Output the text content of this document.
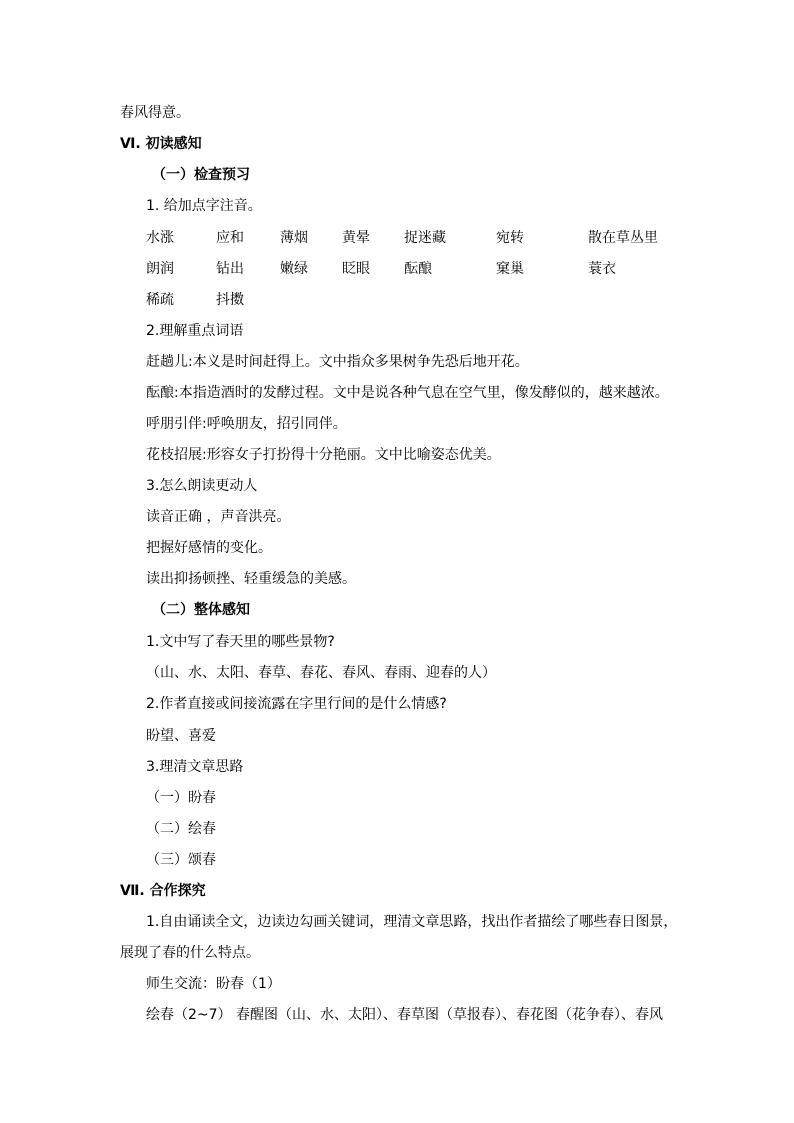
春风得意。
Ⅵ. 初读感知
（一）检查预习
1. 给加点字注音。
水涨	应和	薄烟 黄晕 捉迷藏	宛转	散在草丛里
朗润	钻出	嫩绿 眨眼 酝酿	窠巢	蓑衣
稀疏	抖擞
2.理解重点词语
赶趟儿:本义是时间赶得上。文中指众多果树争先恐后地开花。
酝酿:本指造酒时的发酵过程。文中是说各种气息在空气里，像发酵似的，越来越浓。
呼朋引伴:呼唤朋友，招引同伴。
花枝招展:形容女子打扮得十分艳丽。文中比喻姿态优美。
3.怎么朗读更动人
读音正确 ，声音洪亮。
把握好感情的变化。
读出抑扬顿挫、轻重缓急的美感。
（二）整体感知
1.文中写了春天里的哪些景物?
（山、水、太阳、春草、春花、春风、春雨、迎春的人）
2.作者直接或间接流露在字里行间的是什么情感?
盼望、喜爱
3.理清文章思路
（一）盼春
（二）绘春
（三）颂春
Ⅶ. 合作探究
1.自由诵读全文，边读边勾画关键词，理清文章思路，找出作者描绘了哪些春日图景，
展现了春的什么特点。
师生交流：盼春（1）
绘春（2~7） 春醒图（山、水、太阳）、春草图（草报春）、春花图（花争春）、春风
